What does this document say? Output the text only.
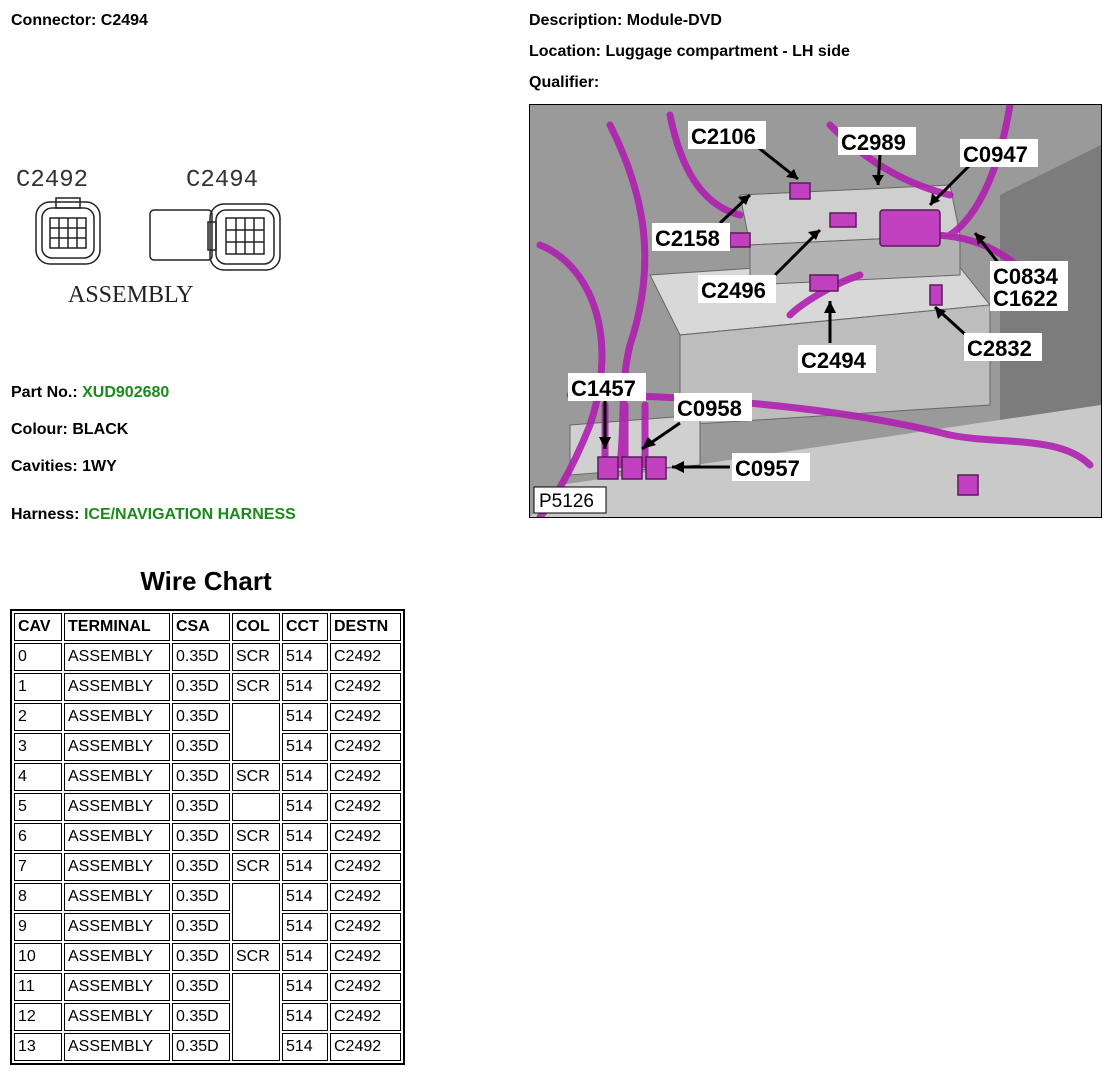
Connector: C2494	Description: Module-DVD
Location: Luggage compartment - LH side
Qualifier:
C2492	C2494
ASSEMBLY
Part No.: XUD902680
Colour: BLACK
Cavities: 1WY
Harness: ICE/NAVIGATION HARNESS
C2106	C2989	C0947
C2158
C2496
C0834
C1622
C2494	C2832
C1457
C0958
C0957
P5126
Wire Chart
CAV	TERMINAL	CSA	COL	CCT	DESTN
0	ASSEMBLY	0.35D	SCR	514	C2492
1	ASSEMBLY	0.35D	SCR	514	C2492
2	ASSEMBLY	0.35D		514	C2492
3	ASSEMBLY	0.35D		514	C2492
4	ASSEMBLY	0.35D	SCR	514	C2492
5	ASSEMBLY	0.35D		514	C2492
6	ASSEMBLY	0.35D	SCR	514	C2492
7	ASSEMBLY	0.35D	SCR	514	C2492
8	ASSEMBLY	0.35D		514	C2492
9	ASSEMBLY	0.35D		514	C2492
10	ASSEMBLY	0.35D	SCR	514	C2492
11	ASSEMBLY	0.35D		514	C2492
12	ASSEMBLY	0.35D		514	C2492
13	ASSEMBLY	0.35D		514	C2492
